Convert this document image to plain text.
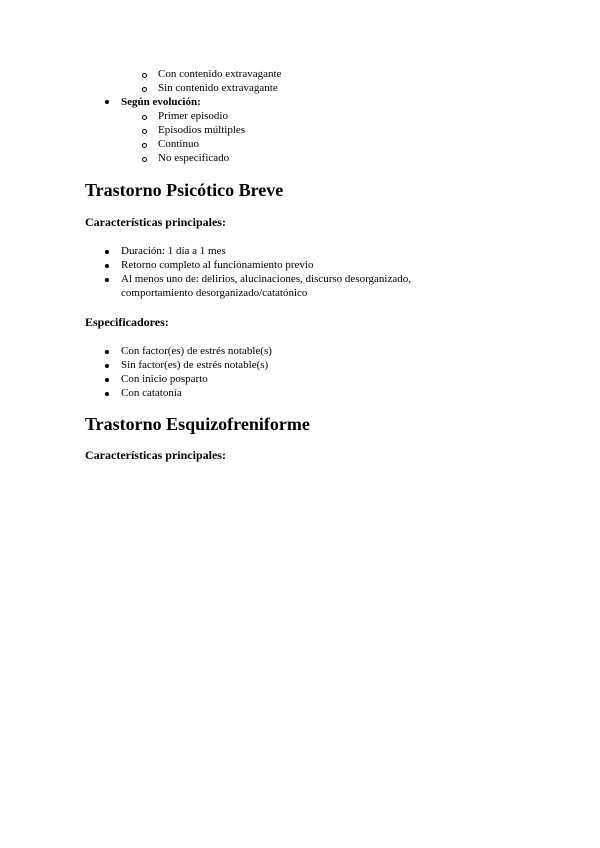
Con contenido extravagante
Sin contenido extravagante
Según evolución:
Primer episodio
Episodios múltiples
Continuo
No especificado
Trastorno Psicótico Breve
Características principales:
Duración: 1 día a 1 mes
Retorno completo al funcionamiento previo
Al menos uno de: delirios, alucinaciones, discurso desorganizado,
comportamiento desorganizado/catatónico
Especificadores:
Con factor(es) de estrés notable(s)
Sin factor(es) de estrés notable(s)
Con inicio posparto
Con catatonía
Trastorno Esquizofreniforme
Características principales:
